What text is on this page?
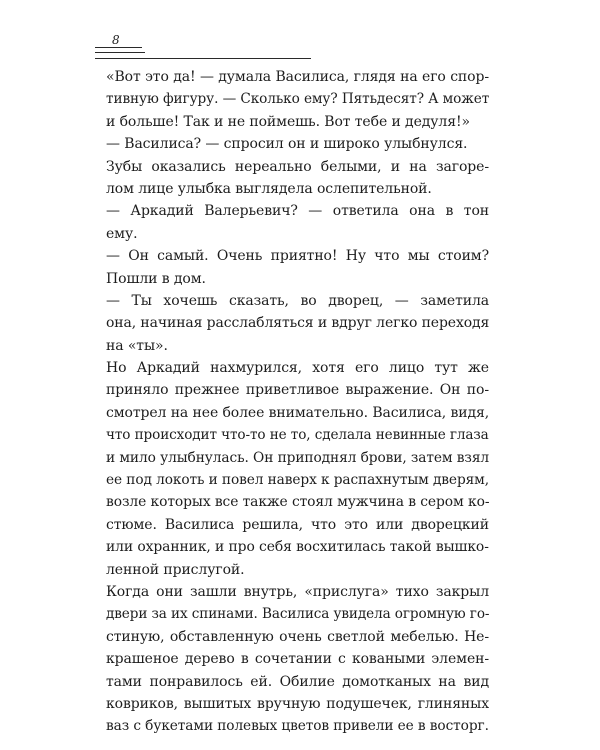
8
«Вот это да! — думала Василиса, глядя на его спор-
тивную фигуру. — Сколько ему? Пятьдесят? А может
и больше! Так и не поймешь. Вот тебе и дедуля!»
— Василиса? — спросил он и широко улыбнулся.
Зубы оказались нереально белыми, и на загоре-
лом лице улыбка выглядела ослепительной.
— Аркадий Валерьевич? — ответила она в тон
ему.
— Он самый. Очень приятно! Ну что мы стоим?
Пошли в дом.
— Ты хочешь сказать, во дворец, — заметила
она, начиная расслабляться и вдруг легко переходя
на «ты».
Но Аркадий нахмурился, хотя его лицо тут же
приняло прежнее приветливое выражение. Он по-
смотрел на нее более внимательно. Василиса, видя,
что происходит что-то не то, сделала невинные глаза
и мило улыбнулась. Он приподнял брови, затем взял
ее под локоть и повел наверх к распахнутым дверям,
возле которых все также стоял мужчина в сером ко-
стюме. Василиса решила, что это или дворецкий
или охранник, и про себя восхитилась такой вышко-
ленной прислугой.
Когда они зашли внутрь, «прислуга» тихо закрыл
двери за их спинами. Василиса увидела огромную го-
стиную, обставленную очень светлой мебелью. Не-
крашеное дерево в сочетании с коваными элемен-
тами понравилось ей. Обилие домотканых на вид
ковриков, вышитых вручную подушечек, глиняных
ваз с букетами полевых цветов привели ее в восторг.
